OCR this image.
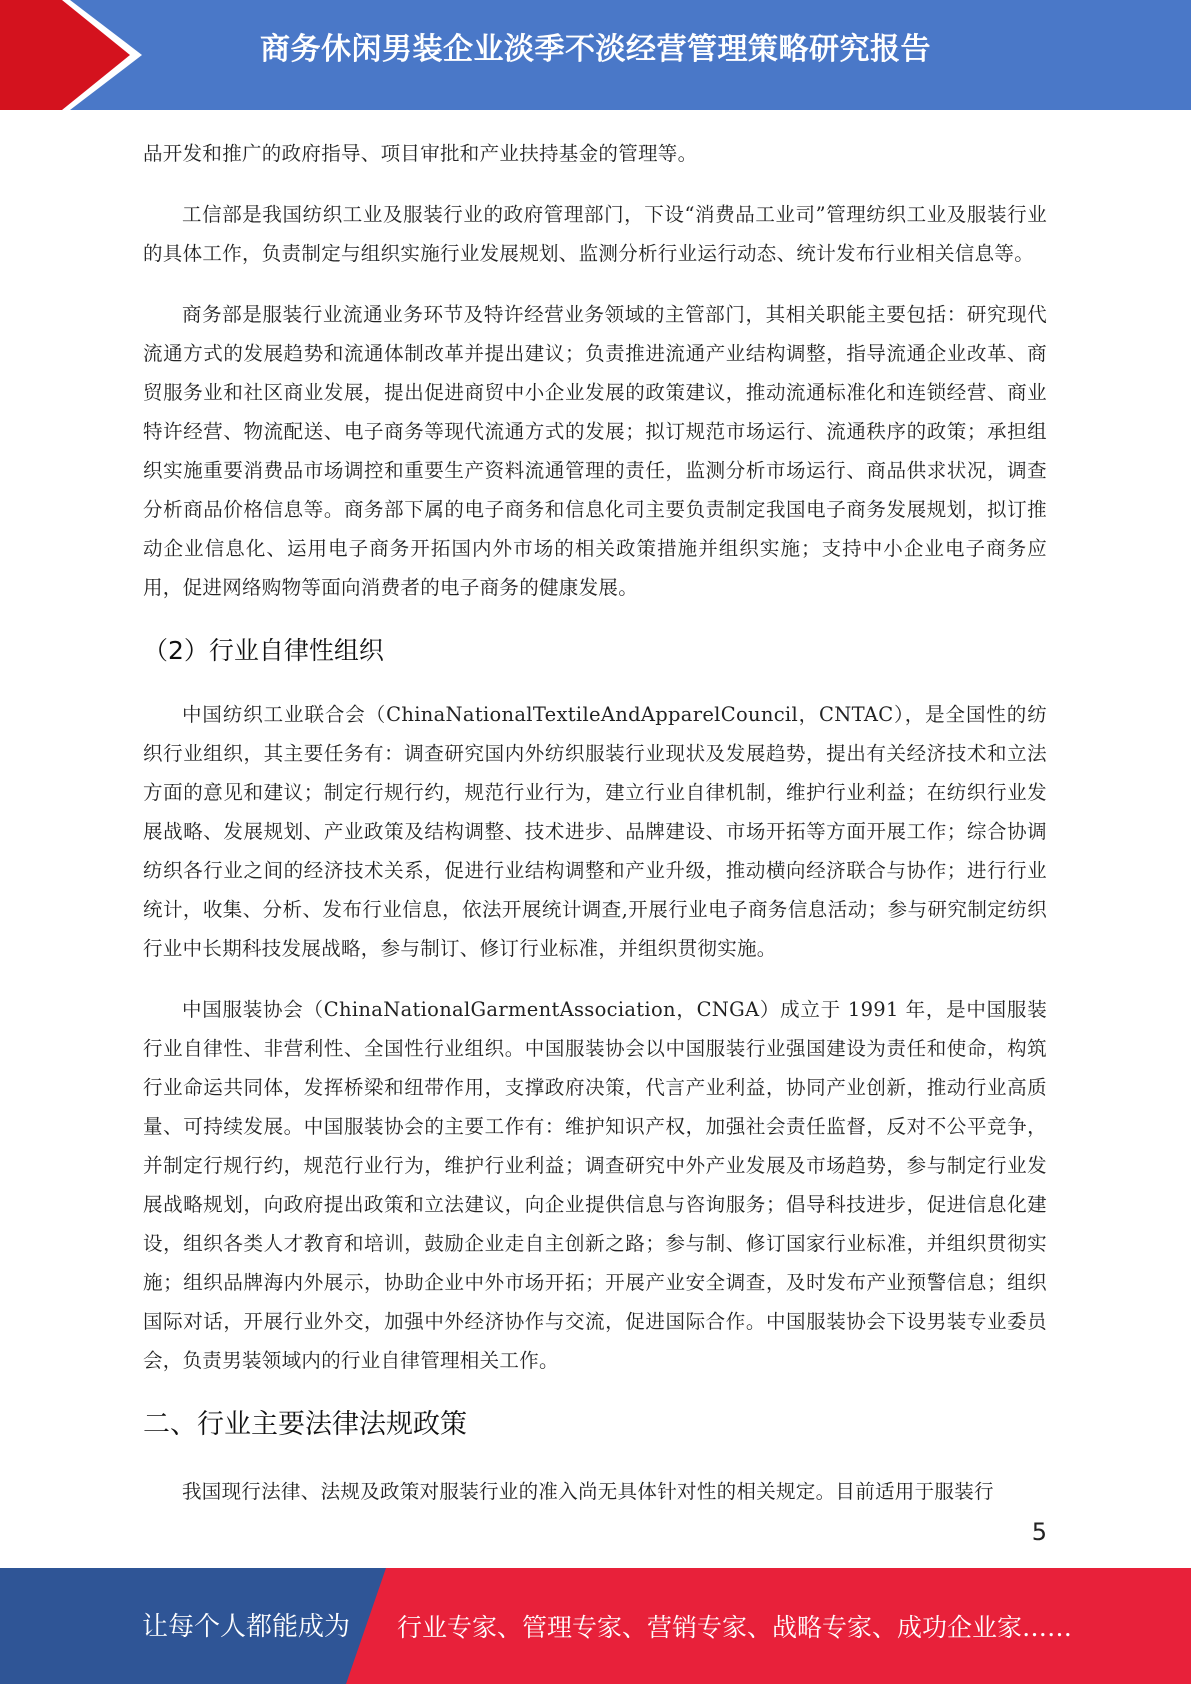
商务休闲男装企业淡季不淡经营管理策略研究报告

品开发和推广的政府指导、项目审批和产业扶持基金的管理等。

工信部是我国纺织工业及服装行业的政府管理部门，下设“消费品工业司”管理纺织工业及服装行业的具体工作，负责制定与组织实施行业发展规划、监测分析行业运行动态、统计发布行业相关信息等。

商务部是服装行业流通业务环节及特许经营业务领域的主管部门，其相关职能主要包括：研究现代流通方式的发展趋势和流通体制改革并提出建议；负责推进流通产业结构调整，指导流通企业改革、商贸服务业和社区商业发展，提出促进商贸中小企业发展的政策建议，推动流通标准化和连锁经营、商业特许经营、物流配送、电子商务等现代流通方式的发展；拟订规范市场运行、流通秩序的政策；承担组织实施重要消费品市场调控和重要生产资料流通管理的责任，监测分析市场运行、商品供求状况，调查分析商品价格信息等。商务部下属的电子商务和信息化司主要负责制定我国电子商务发展规划，拟订推动企业信息化、运用电子商务开拓国内外市场的相关政策措施并组织实施；支持中小企业电子商务应用，促进网络购物等面向消费者的电子商务的健康发展。

（2）行业自律性组织

中国纺织工业联合会（ChinaNationalTextileAndApparelCouncil，CNTAC），是全国性的纺织行业组织，其主要任务有：调查研究国内外纺织服装行业现状及发展趋势，提出有关经济技术和立法方面的意见和建议；制定行规行约，规范行业行为，建立行业自律机制，维护行业利益；在纺织行业发展战略、发展规划、产业政策及结构调整、技术进步、品牌建设、市场开拓等方面开展工作；综合协调纺织各行业之间的经济技术关系，促进行业结构调整和产业升级，推动横向经济联合与协作；进行行业统计，收集、分析、发布行业信息，依法开展统计调查,开展行业电子商务信息活动；参与研究制定纺织行业中长期科技发展战略，参与制订、修订行业标准，并组织贯彻实施。

中国服装协会（ChinaNationalGarmentAssociation，CNGA）成立于 1991 年，是中国服装行业自律性、非营利性、全国性行业组织。中国服装协会以中国服装行业强国建设为责任和使命，构筑行业命运共同体，发挥桥梁和纽带作用，支撑政府决策，代言产业利益，协同产业创新，推动行业高质量、可持续发展。中国服装协会的主要工作有：维护知识产权，加强社会责任监督，反对不公平竞争，并制定行规行约，规范行业行为，维护行业利益；调查研究中外产业发展及市场趋势，参与制定行业发展战略规划，向政府提出政策和立法建议，向企业提供信息与咨询服务；倡导科技进步，促进信息化建设，组织各类人才教育和培训，鼓励企业走自主创新之路；参与制、修订国家行业标准，并组织贯彻实施；组织品牌海内外展示，协助企业中外市场开拓；开展产业安全调查，及时发布产业预警信息；组织国际对话，开展行业外交，加强中外经济协作与交流，促进国际合作。中国服装协会下设男装专业委员会，负责男装领域内的行业自律管理相关工作。

二、行业主要法律法规政策

我国现行法律、法规及政策对服装行业的准入尚无具体针对性的相关规定。目前适用于服装行

5
让每个人都能成为 行业专家、管理专家、营销专家、战略专家、成功企业家……
